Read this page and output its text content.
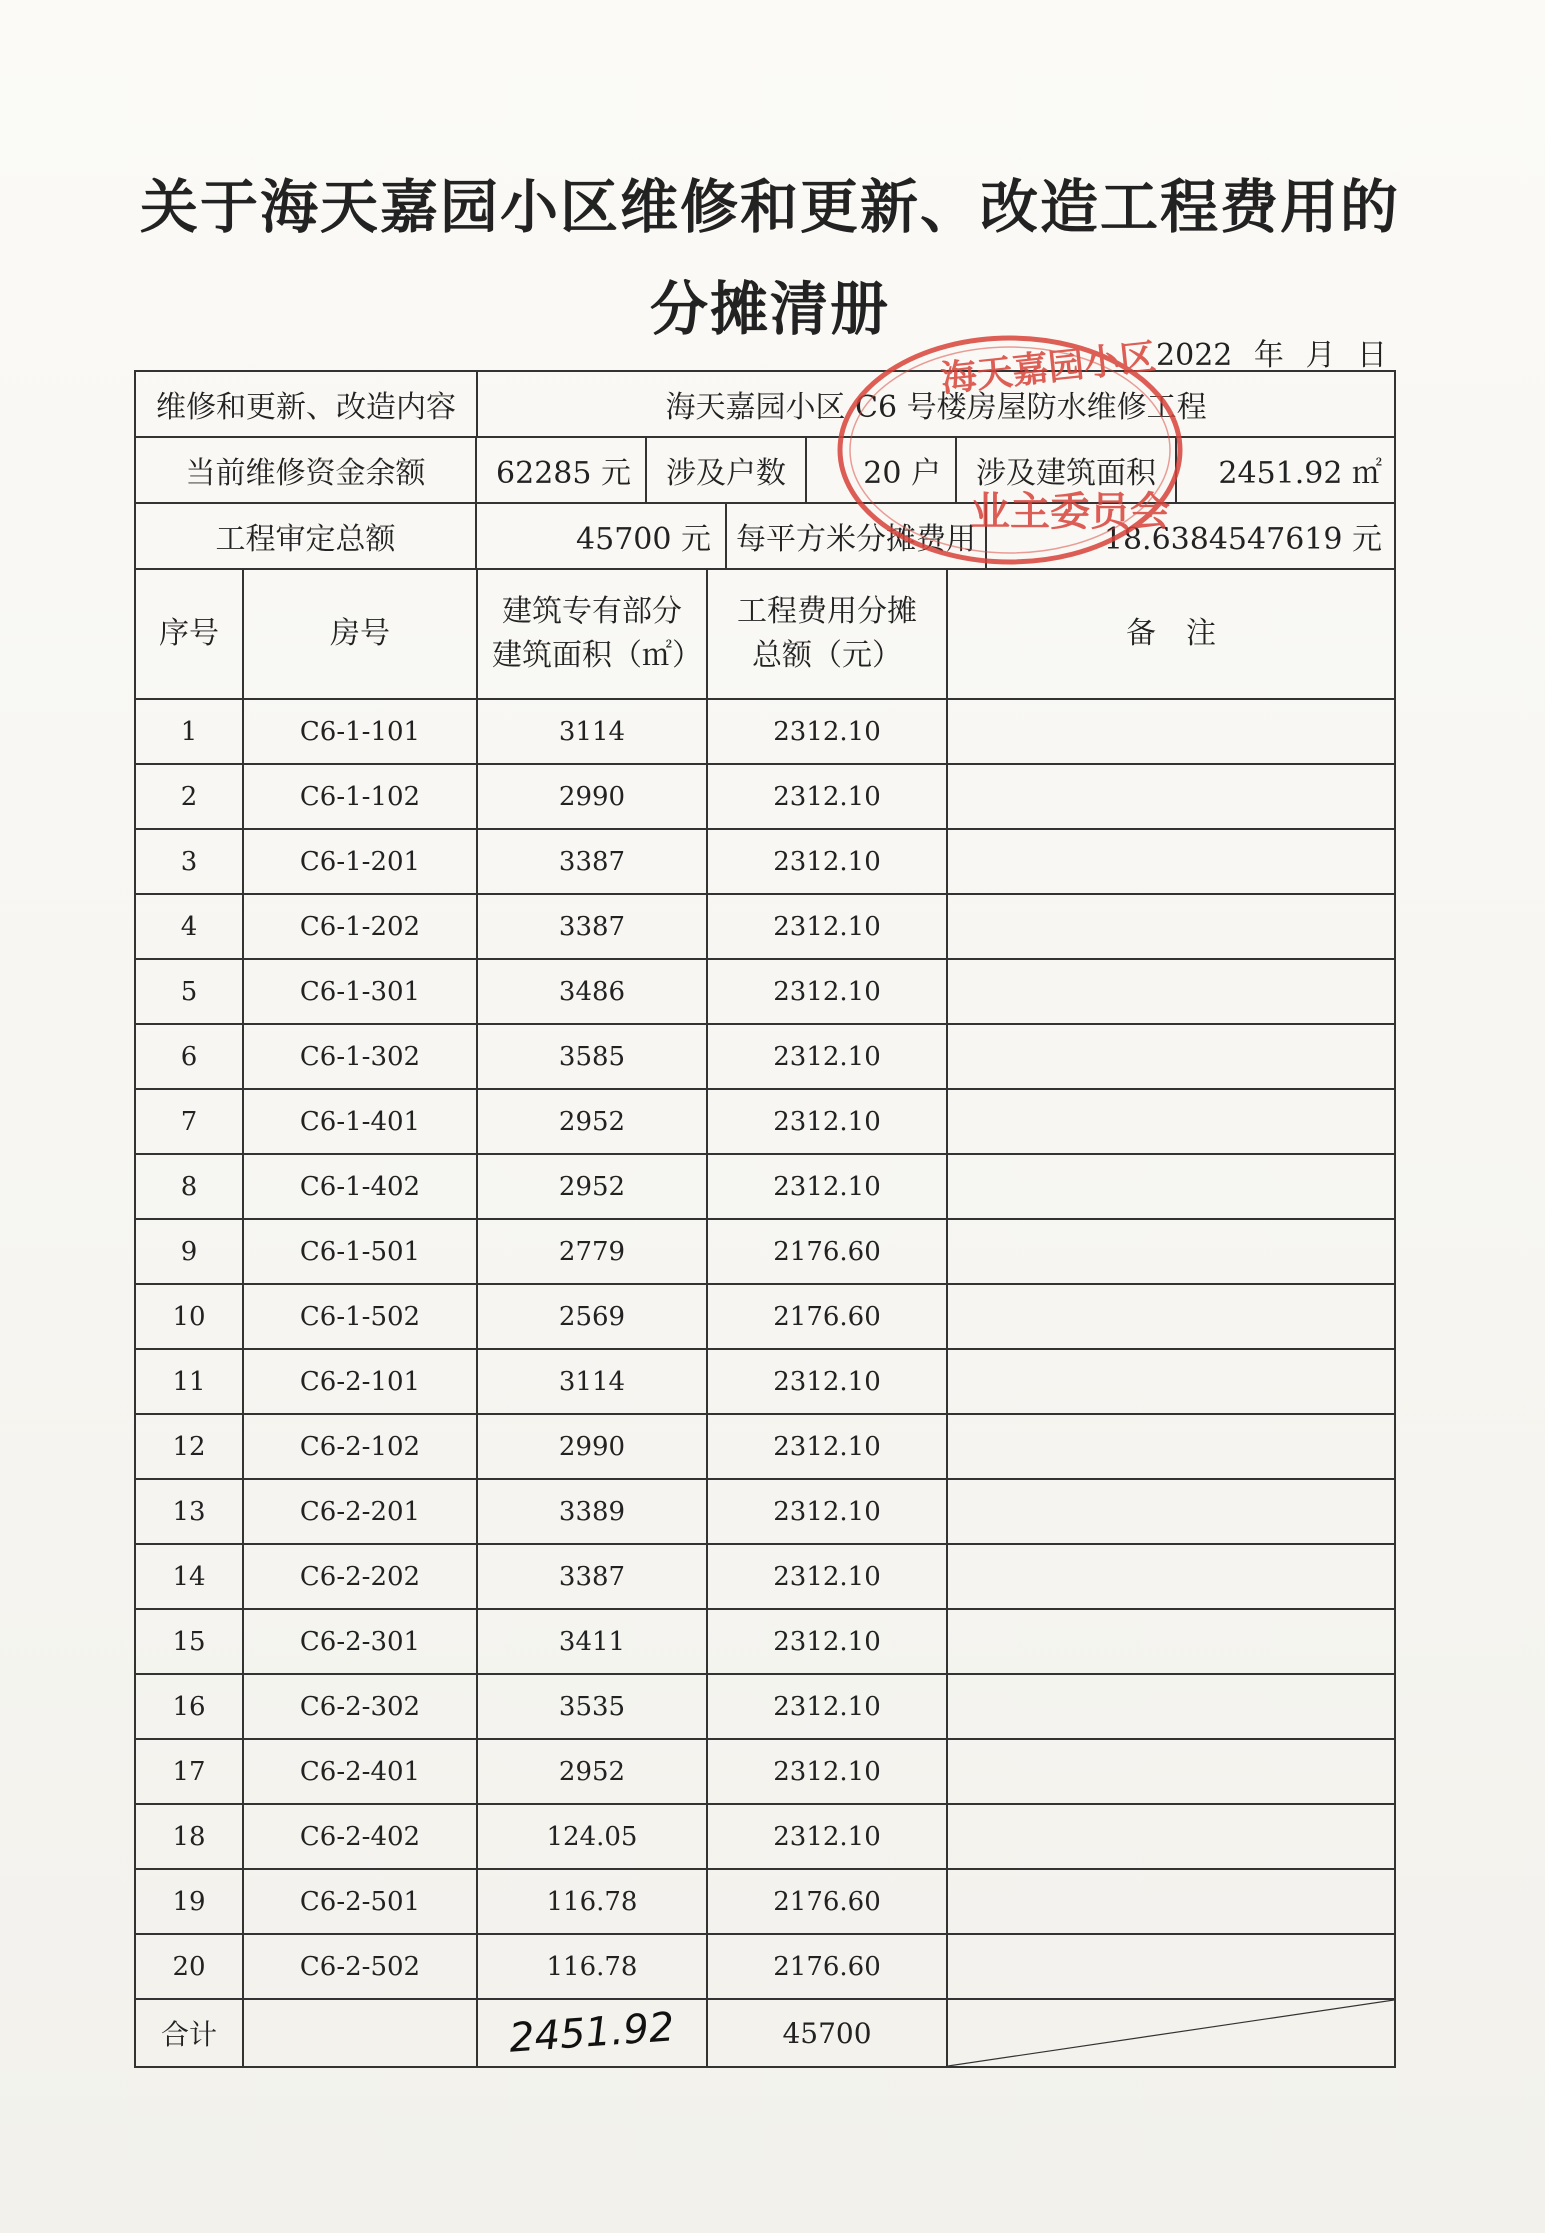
关于海天嘉园小区维修和更新、改造工程费用的
分摊清册
2022 年 月 日
维修和更新、改造内容	海天嘉园小区 C6 号楼房屋防水维修工程

当前维修资金余额	62285 元	涉及户数	20 户	涉及建筑面积	2451.92 ㎡

工程审定总额	45700 元	每平方米分摊费用	18.6384547619 元

序号	房号	建筑专有部分建筑面积（㎡）	工程费用分摊总额（元）	备　注
1	C6-1-101	3114	2312.10	
2	C6-1-102	2990	2312.10	
3	C6-1-201	3387	2312.10	
4	C6-1-202	3387	2312.10	
5	C6-1-301	3486	2312.10	
6	C6-1-302	3585	2312.10	
7	C6-1-401	2952	2312.10	
8	C6-1-402	2952	2312.10	
9	C6-1-501	2779	2176.60	
10	C6-1-502	2569	2176.60	
11	C6-2-101	3114	2312.10	
12	C6-2-102	2990	2312.10	
13	C6-2-201	3389	2312.10	
14	C6-2-202	3387	2312.10	
15	C6-2-301	3411	2312.10	
16	C6-2-302	3535	2312.10	
17	C6-2-401	2952	2312.10	
18	C6-2-402	124.05	2312.10	
19	C6-2-501	116.78	2176.60	
20	C6-2-502	116.78	2176.60	
合计		2451.92	45700	
海天嘉园小区
业主委员会
